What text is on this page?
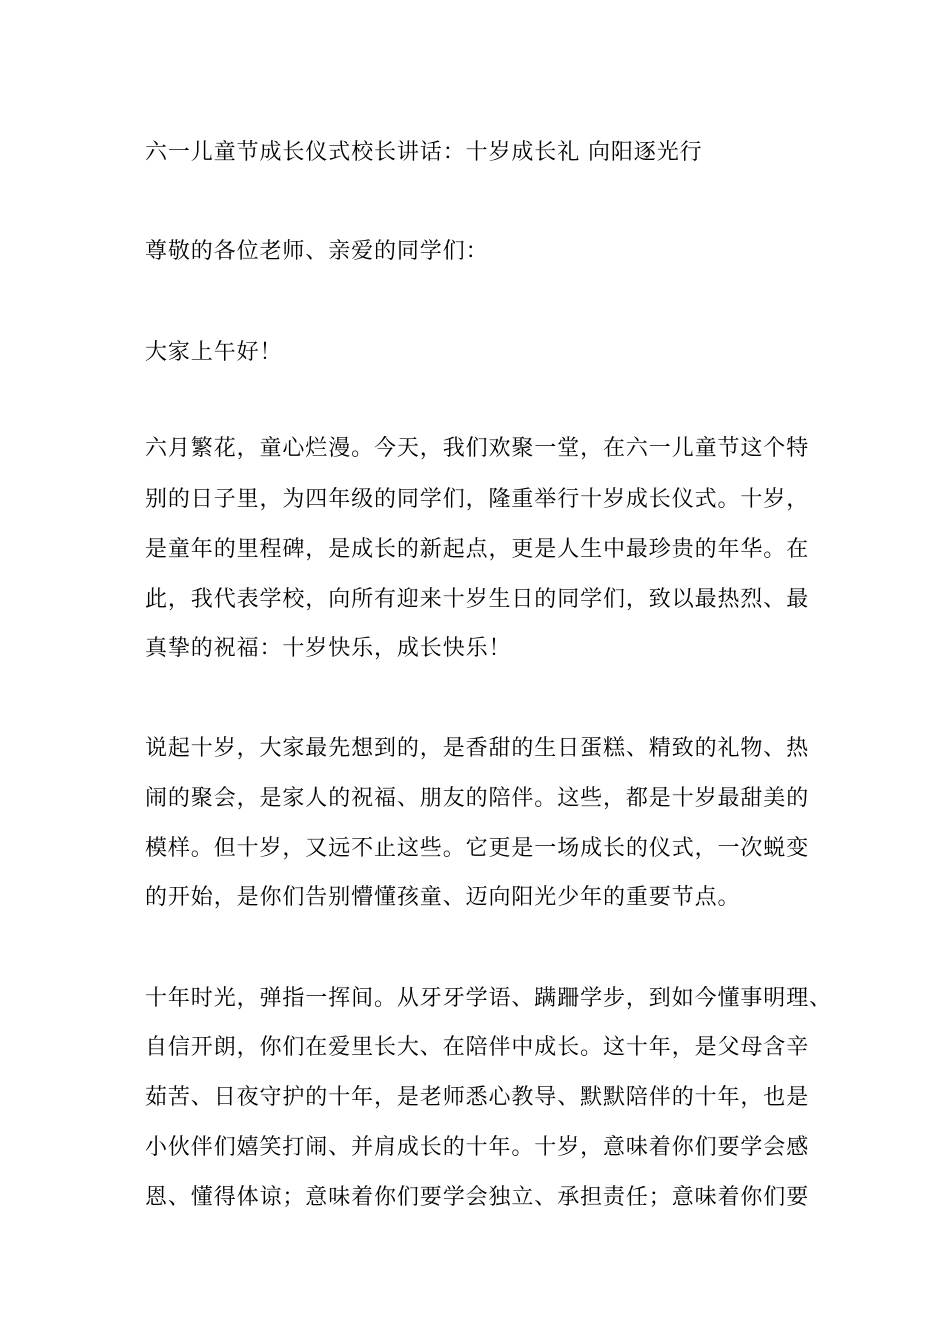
六一儿童节成长仪式校长讲话：十岁成长礼 向阳逐光行
尊敬的各位老师、亲爱的同学们：
大家上午好！
六月繁花，童心烂漫。今天，我们欢聚一堂，在六一儿童节这个特
别的日子里，为四年级的同学们，隆重举行十岁成长仪式。十岁，
是童年的里程碑，是成长的新起点，更是人生中最珍贵的年华。在
此，我代表学校，向所有迎来十岁生日的同学们，致以最热烈、最
真挚的祝福：十岁快乐，成长快乐！
说起十岁，大家最先想到的，是香甜的生日蛋糕、精致的礼物、热
闹的聚会，是家人的祝福、朋友的陪伴。这些，都是十岁最甜美的
模样。但十岁，又远不止这些。它更是一场成长的仪式，一次蜕变
的开始，是你们告别懵懂孩童、迈向阳光少年的重要节点。
十年时光，弹指一挥间。从牙牙学语、蹒跚学步，到如今懂事明理、
自信开朗，你们在爱里长大、在陪伴中成长。这十年，是父母含辛
茹苦、日夜守护的十年，是老师悉心教导、默默陪伴的十年，也是
小伙伴们嬉笑打闹、并肩成长的十年。十岁，意味着你们要学会感
恩、懂得体谅；意味着你们要学会独立、承担责任；意味着你们要
